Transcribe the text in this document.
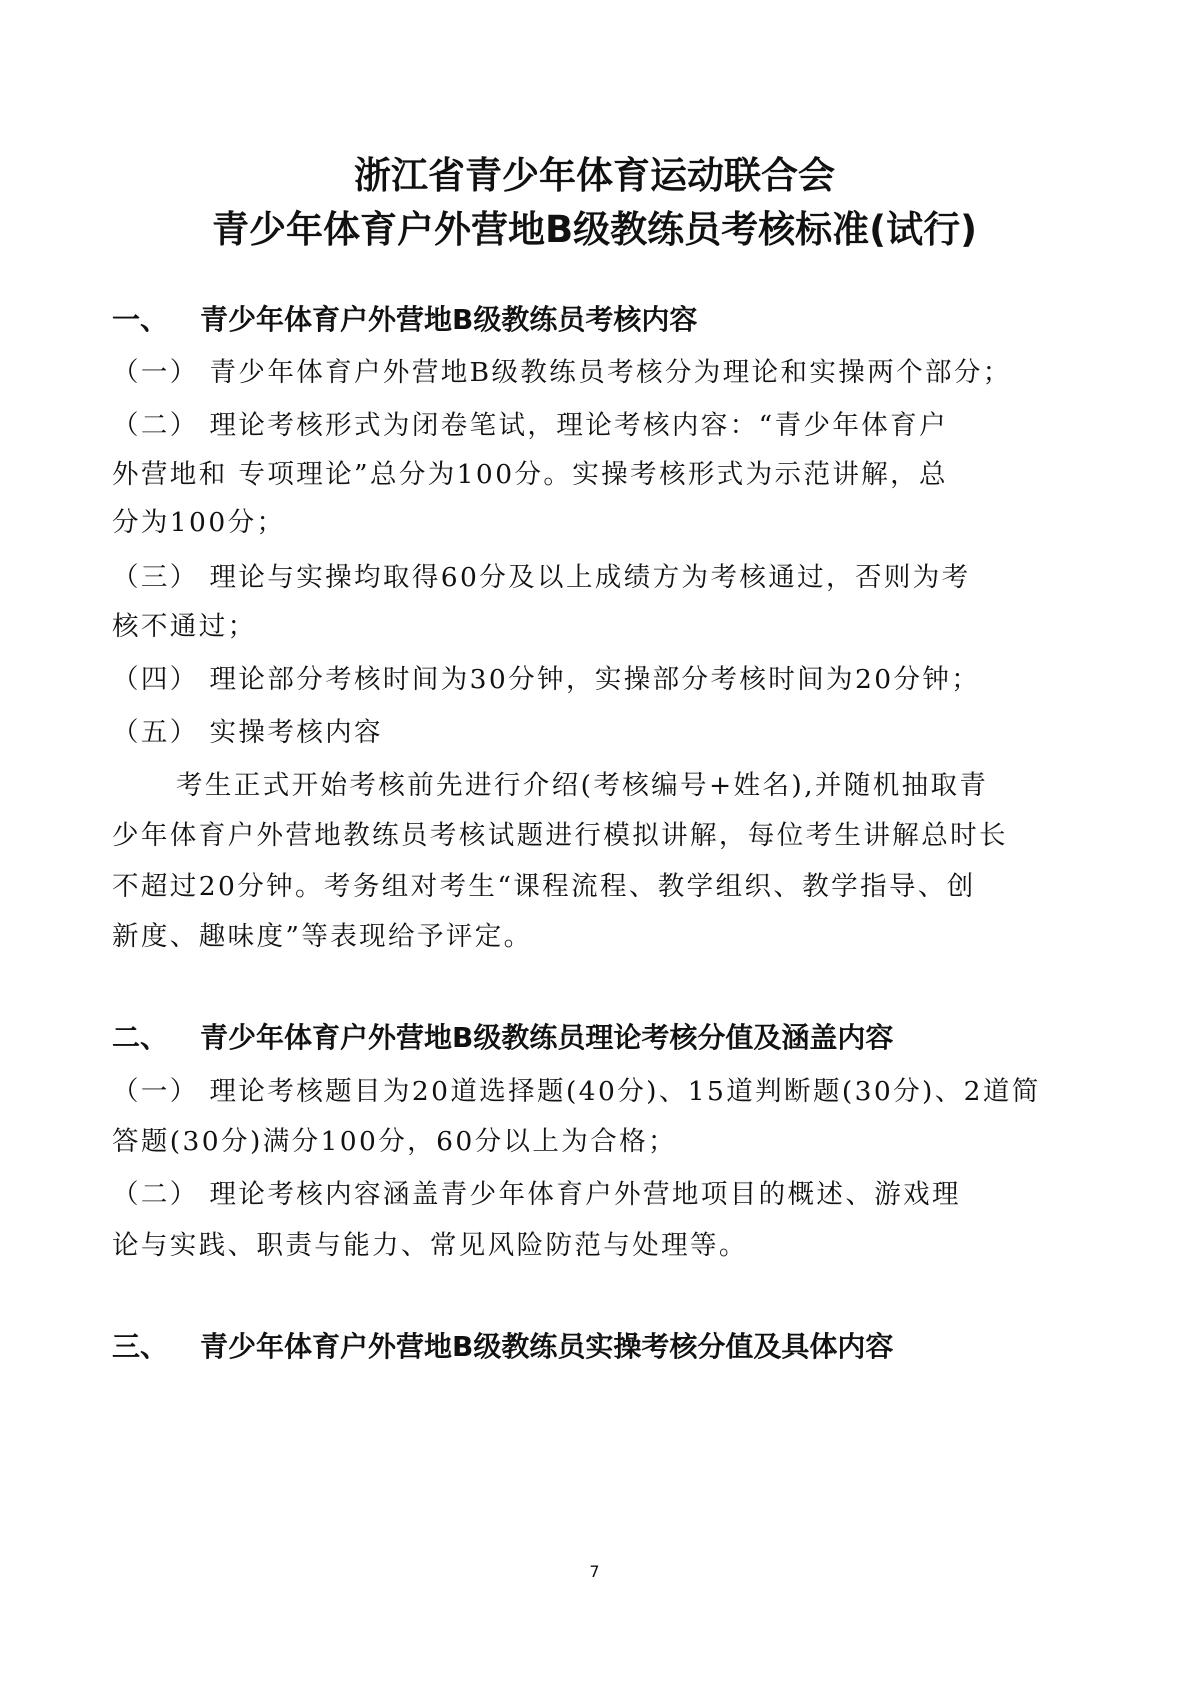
浙江省青少年体育运动联合会
青少年体育户外营地B级教练员考核标准(试行)
一、 青少年体育户外营地B级教练员考核内容
（一） 青少年体育户外营地B级教练员考核分为理论和实操两个部分；
（二） 理论考核形式为闭卷笔试，理论考核内容：“青少年体育户
外营地和 专项理论”总分为100分。实操考核形式为示范讲解，总
分为100分；
（三） 理论与实操均取得60分及以上成绩方为考核通过，否则为考
核不通过；
（四） 理论部分考核时间为30分钟，实操部分考核时间为20分钟；
（五） 实操考核内容
考生正式开始考核前先进行介绍(考核编号+姓名),并随机抽取青
少年体育户外营地教练员考核试题进行模拟讲解，每位考生讲解总时长
不超过20分钟。考务组对考生“课程流程、教学组织、教学指导、创
新度、趣味度”等表现给予评定。
二、 青少年体育户外营地B级教练员理论考核分值及涵盖内容
（一） 理论考核题目为20道选择题(40分)、15道判断题(30分)、2道简
答题(30分)满分100分，60分以上为合格；
（二） 理论考核内容涵盖青少年体育户外营地项目的概述、游戏理
论与实践、职责与能力、常见风险防范与处理等。
三、 青少年体育户外营地B级教练员实操考核分值及具体内容
7
